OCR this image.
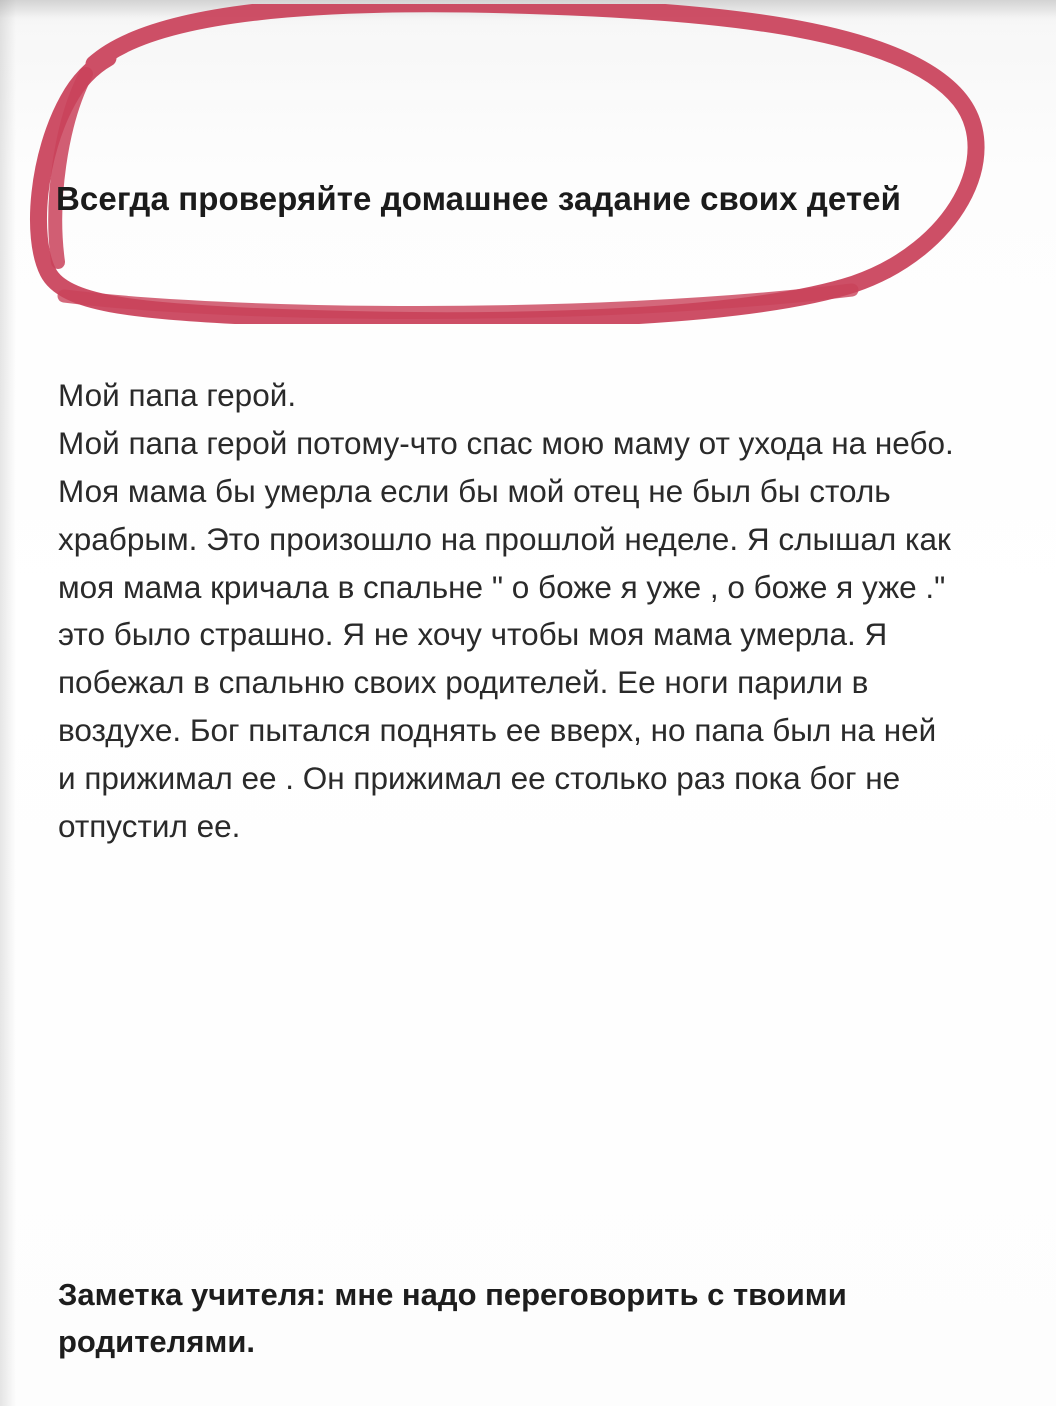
Всегда проверяйте домашнее задание своих детей

Мой папа герой.

Мой папа герой потому-что спас мою маму от ухода на небо. Моя мама бы умерла если бы мой отец не был бы столь храбрым. Это произошло на прошлой неделе. Я слышал как моя мама кричала в спальне " о боже я уже , о боже я уже ." это было страшно. Я не хочу чтобы моя мама умерла. Я побежал в спальню своих родителей. Ее ноги парили в воздухе. Бог пытался поднять ее вверх, но папа был на ней и прижимал ее . Он прижимал ее столько раз пока бог не отпустил ее.

Заметка учителя: мне надо переговорить с твоими родителями.
